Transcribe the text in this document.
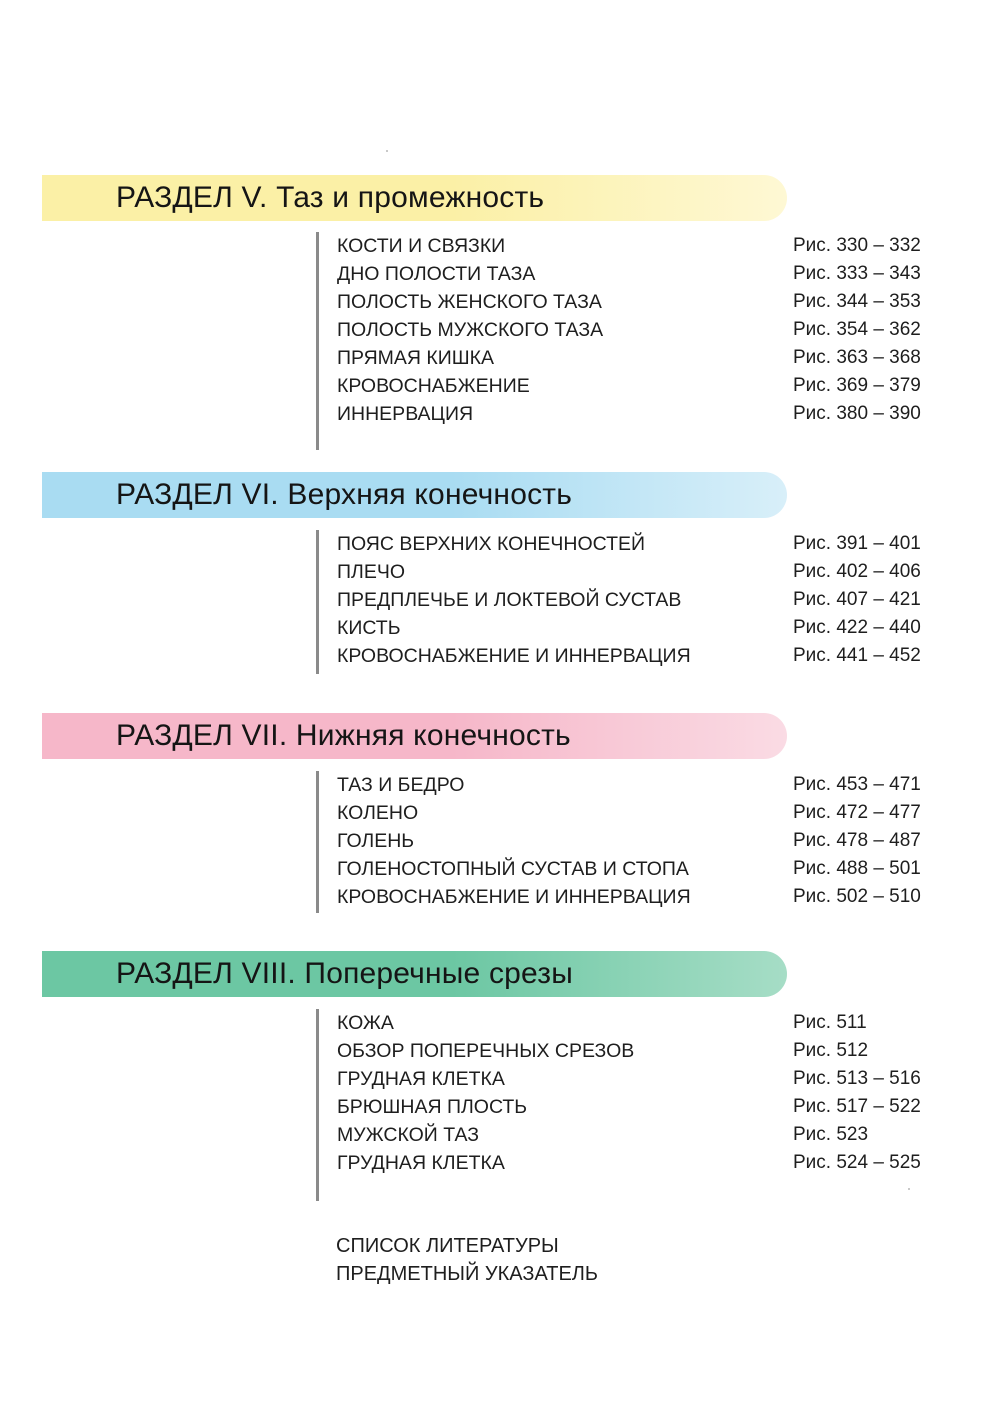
РАЗДЕЛ V. Таз и промежность
КОСТИ И СВЯЗКИ	Рис. 330 – 332
ДНО ПОЛОСТИ ТАЗА	Рис. 333 – 343
ПОЛОСТЬ ЖЕНСКОГО ТАЗА	Рис. 344 – 353
ПОЛОСТЬ МУЖСКОГО ТАЗА	Рис. 354 – 362
ПРЯМАЯ КИШКА	Рис. 363 – 368
КРОВОСНАБЖЕНИЕ	Рис. 369 – 379
ИННЕРВАЦИЯ	Рис. 380 – 390
РАЗДЕЛ VI. Верхняя конечность
ПОЯС ВЕРХНИХ КОНЕЧНОСТЕЙ	Рис. 391 – 401
ПЛЕЧО	Рис. 402 – 406
ПРЕДПЛЕЧЬЕ И ЛОКТЕВОЙ СУСТАВ	Рис. 407 – 421
КИСТЬ	Рис. 422 – 440
КРОВОСНАБЖЕНИЕ И ИННЕРВАЦИЯ	Рис. 441 – 452
РАЗДЕЛ VII. Нижняя конечность
ТАЗ И БЕДРО	Рис. 453 – 471
КОЛЕНО	Рис. 472 – 477
ГОЛЕНЬ	Рис. 478 – 487
ГОЛЕНОСТОПНЫЙ СУСТАВ И СТОПА	Рис. 488 – 501
КРОВОСНАБЖЕНИЕ И ИННЕРВАЦИЯ	Рис. 502 – 510
РАЗДЕЛ VIII. Поперечные срезы
КОЖА	Рис. 511
ОБЗОР ПОПЕРЕЧНЫХ СРЕЗОВ	Рис. 512
ГРУДНАЯ КЛЕТКА	Рис. 513 – 516
БРЮШНАЯ ПЛОСТЬ	Рис. 517 – 522
МУЖСКОЙ ТАЗ	Рис. 523
ГРУДНАЯ КЛЕТКА	Рис. 524 – 525
СПИСОК ЛИТЕРАТУРЫ
ПРЕДМЕТНЫЙ УКАЗАТЕЛЬ
